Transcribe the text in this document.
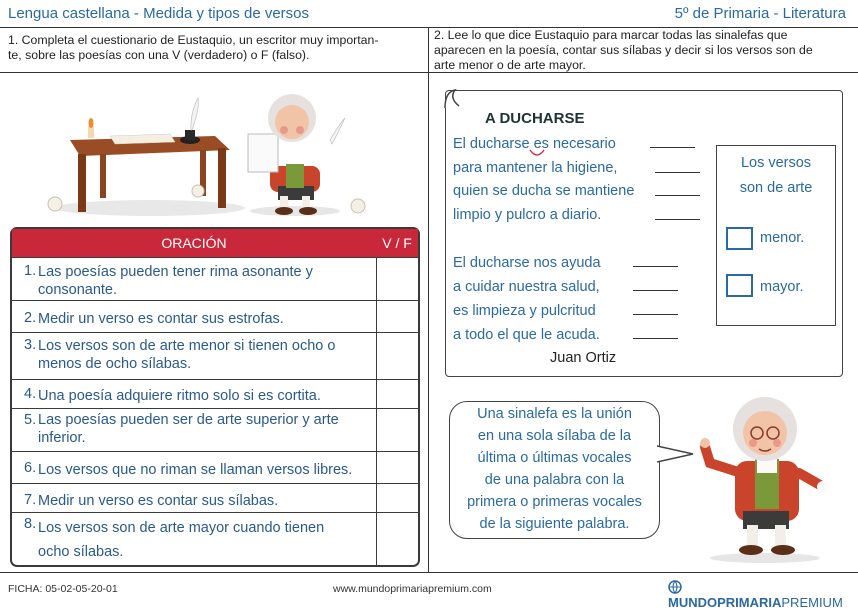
Lengua castellana - Medida y tipos de versos	5º de Primaria - Literatura
1. Completa el cuestionario de Eustaquio, un escritor muy importan-
te, sobre las poesías con una V (verdadero) o F (falso).
2. Lee lo que dice Eustaquio para marcar todas las sinalefas que
aparecen en la poesía, contar sus sílabas y decir si los versos son de
arte menor o de arte mayor.
ORACIÓN	V / F
1. Las poesías pueden tener rima asonante y
consonante.
2. Medir un verso es contar sus estrofas.
3. Los versos son de arte menor si tienen ocho o
menos de ocho sílabas.
4. Una poesía adquiere ritmo solo si es cortita.
5. Las poesías pueden ser de arte superior y arte
inferior.
6. Los versos que no riman se llaman versos libres.
7. Medir un verso es contar sus sílabas.
8. Los versos son de arte mayor cuando tienen
ocho sílabas.
A DUCHARSE
El ducharse es necesario
para mantener la higiene,
quien se ducha se mantiene
limpio y pulcro a diario.
El ducharse nos ayuda
a cuidar nuestra salud,
es limpieza y pulcritud
a todo el que le acuda.
Juan Ortiz
Los versos
son de arte
menor.
mayor.
Una sinalefa es la unión
en una sola sílaba de la
última o últimas vocales
de una palabra con la
primera o primeras vocales
de la siguiente palabra.
FICHA: 05-02-05-20-01	www.mundoprimariapremium.com
MUNDOPRIMARIAPREMIUM
